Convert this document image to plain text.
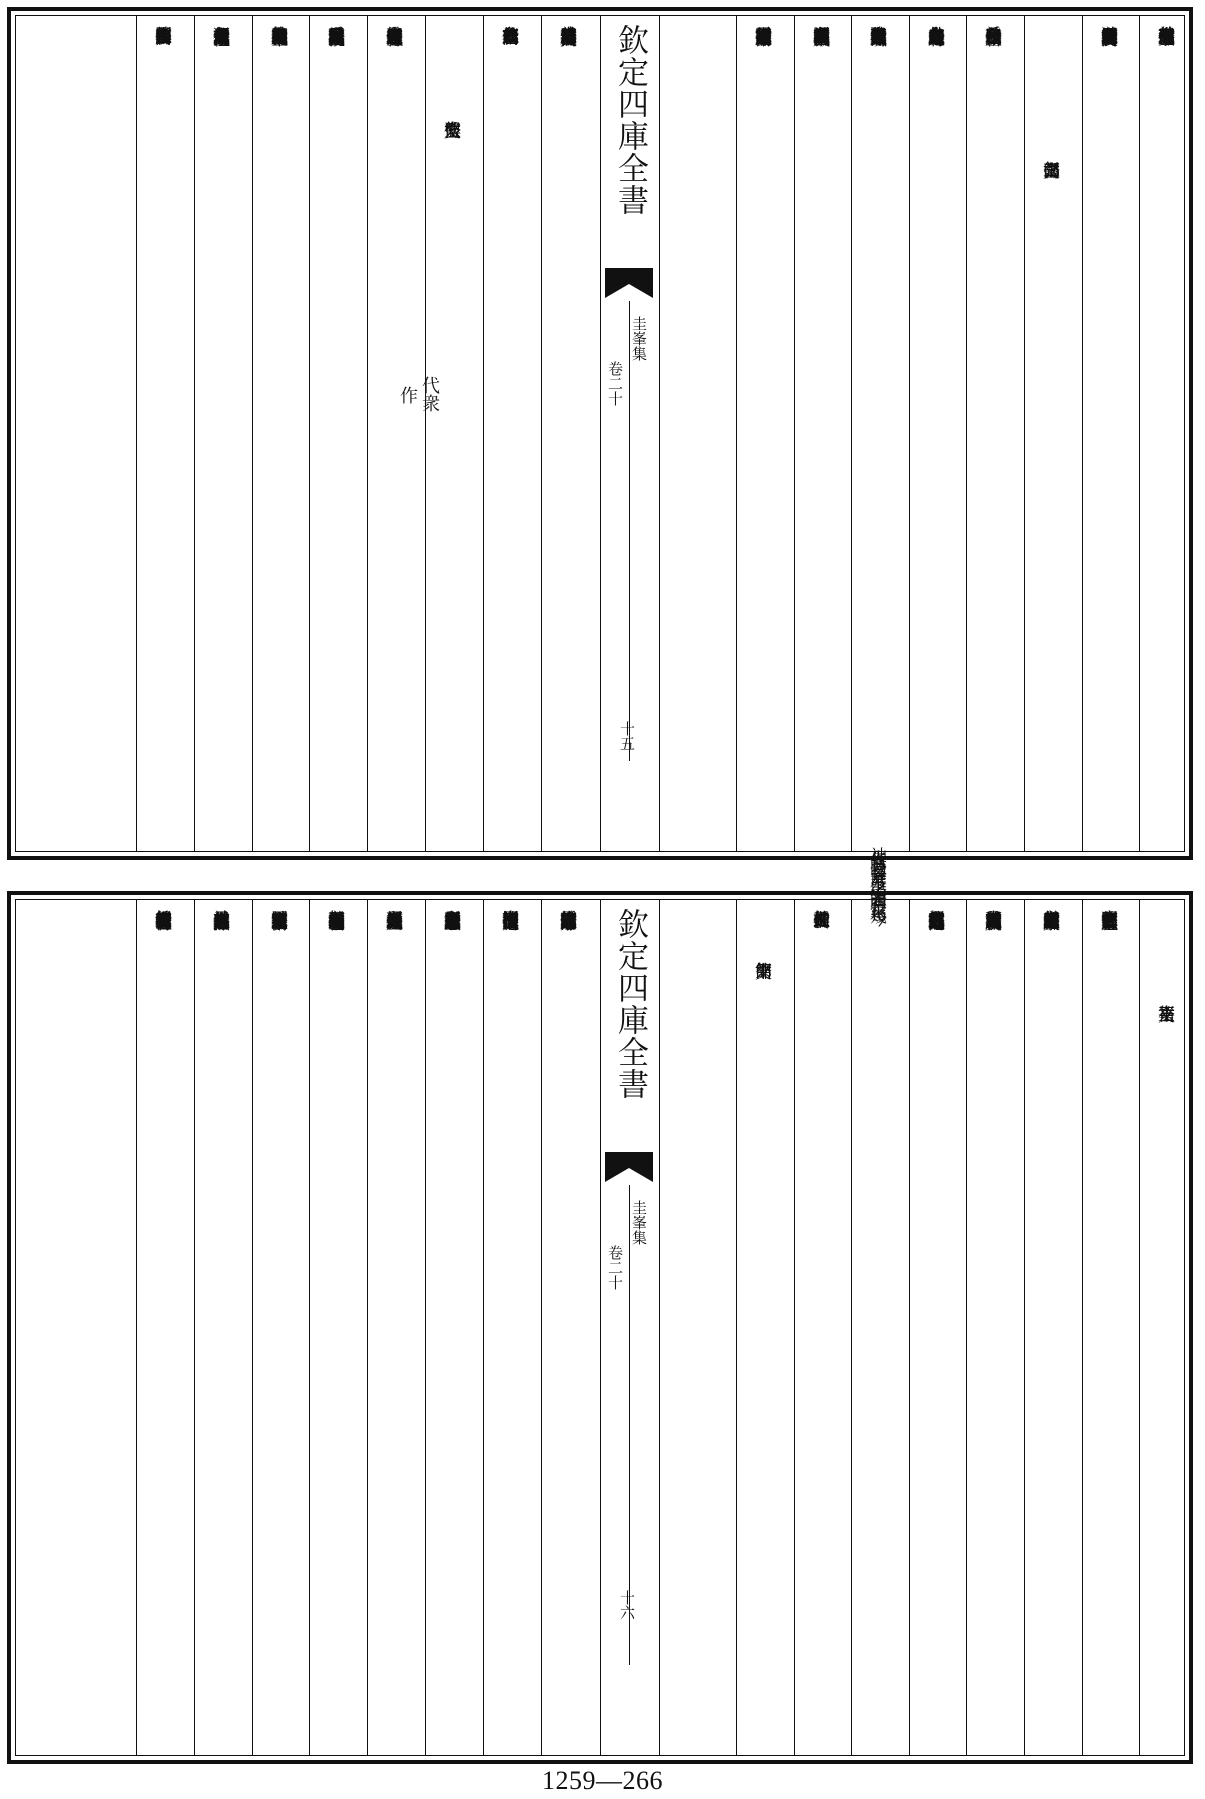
於其身備焉而以壽考終命復何憾耶令子與子二三
子遊又同官於斯也故率鄉之在仕者一寄奠焉尚饗
祭工部張尚書文
於乎公之歿也年已六十六矣仕四十年矣歷十一官
矣外之甸宣度支之是寄内之殿最神人之是司時有
升降位有崇卑不機發夭激以為疾不知雄守雌以為
遲不高城深府以為異不破畛決域以為隨不獷風鞭
霆以從于險不循行數墨而一於吏故雖遭勒停而未
欽定四庫全書
圭峯集
卷二十
十五
嘗戚戚及再起廢而未嘗怡怡於乎公不可復見矣而
凡在僚友於奠公也其誰不悲尚饗
祭太監傅公文
代衆
作
維公粤産也天閽是翔竒質也館閣門墻委珮兮宵垂
垂以宫露橐琯兮朝鼎鼎以當陽黜披之斬為涉疑似
絶整之歌以其譸張負重則屢荷鑰孔長孰不曰垂橐
而入公獨念休之用光耊可以望溘其無常爾舉桓楹
閟彼幽堂留司在位率醉一觴尚饗
祭嘉祐王文
大明正德二年七月壬寅朔二十四日乙丑謹以庶羞
之儀祭于勑封忠烈武順昭靈嘉祐王之神維神天予
奇骨巳著靈標志清民暍死益皰虓廟食百禩日騰英
飆我祖我宗德神之靈益崇其宇益隆其稱弗葺而圮
始王其在玆神伏惟尚饗
祭簡郎中文
欽定四庫全書
圭峯集
卷二十
十六
維靈伏而家食時公輔之望既巳起于鄉閭而達于方
嶽即欲伏而不出乎不可得也及出而在位讞鞫是司
不寃之譽鐵面之稱人人知之其於公輔之進即欲忌
而尼之者得乎夫何適轉武銓遽以殞仆告是失一公
輔之器不獨鄉之人其悲凡有識者亦不能不惜也竊
因是而譬之其在家也而不能揜者玉之韞于石而精
神見于山川然也其在位也而大有聞者利器之無擇
於根盤節錯也至于良玉多毀利器必折自古恒恒有
1259—266
